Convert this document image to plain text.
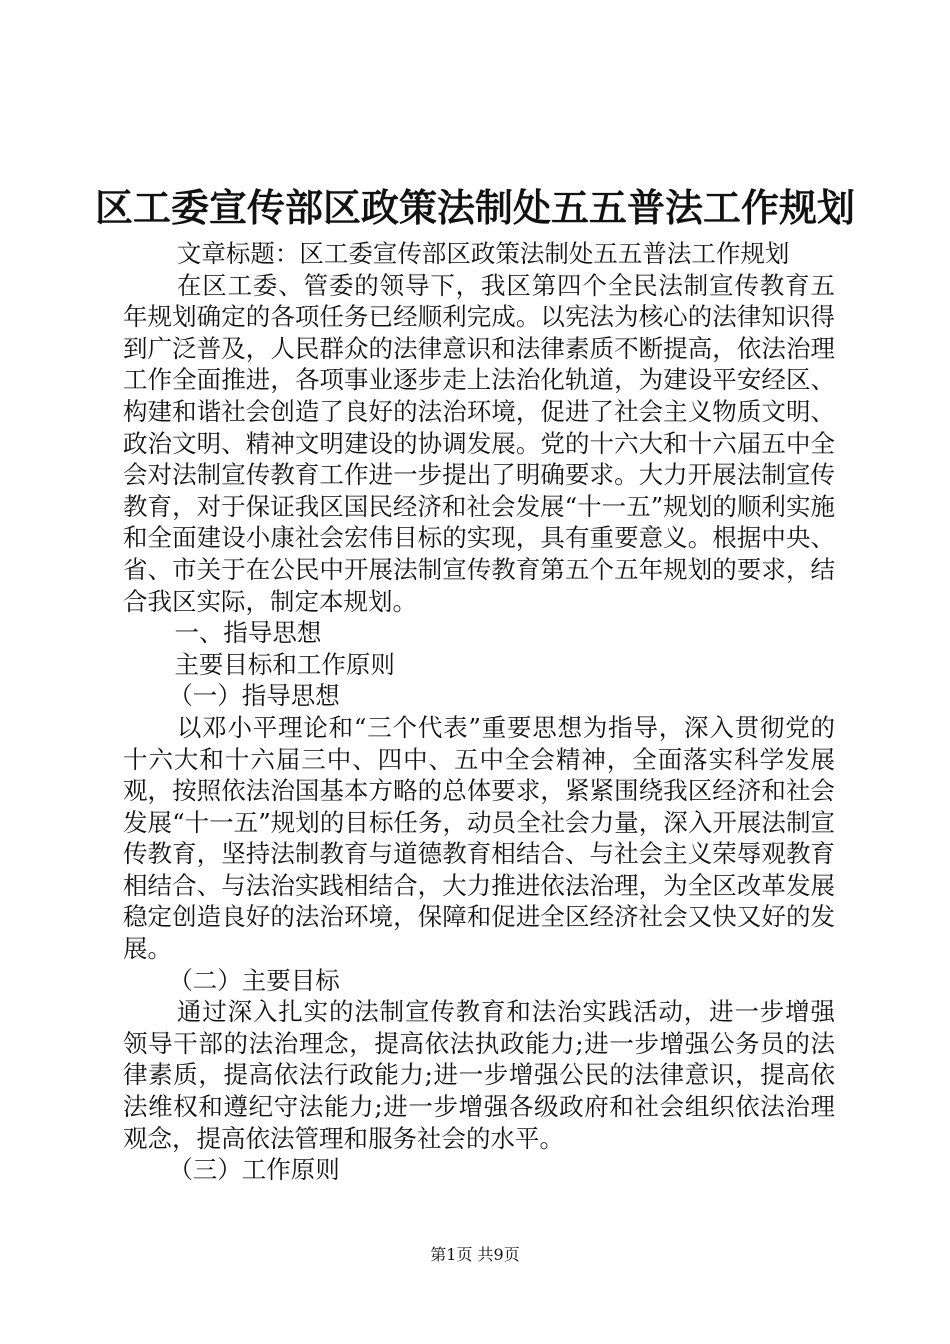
区工委宣传部区政策法制处五五普法工作规划

文章标题：区工委宣传部区政策法制处五五普法工作规划

在区工委、管委的领导下，我区第四个全民法制宣传教育五年规划确定的各项任务已经顺利完成。以宪法为核心的法律知识得到广泛普及，人民群众的法律意识和法律素质不断提高，依法治理工作全面推进，各项事业逐步走上法治化轨道，为建设平安经区、构建和谐社会创造了良好的法治环境，促进了社会主义物质文明、政治文明、精神文明建设的协调发展。党的十六大和十六届五中全会对法制宣传教育工作进一步提出了明确要求。大力开展法制宣传教育，对于保证我区国民经济和社会发展“十一五”规划的顺利实施和全面建设小康社会宏伟目标的实现，具有重要意义。根据中央、省、市关于在公民中开展法制宣传教育第五个五年规划的要求，结合我区实际，制定本规划。

一、指导思想

主要目标和工作原则

（一）指导思想

以邓小平理论和“三个代表”重要思想为指导，深入贯彻党的十六大和十六届三中、四中、五中全会精神，全面落实科学发展观，按照依法治国基本方略的总体要求，紧紧围绕我区经济和社会发展“十一五”规划的目标任务，动员全社会力量，深入开展法制宣传教育，坚持法制教育与道德教育相结合、与社会主义荣辱观教育相结合、与法治实践相结合，大力推进依法治理，为全区改革发展稳定创造良好的法治环境，保障和促进全区经济社会又快又好的发展。

（二）主要目标

通过深入扎实的法制宣传教育和法治实践活动，进一步增强领导干部的法治理念，提高依法执政能力;进一步增强公务员的法律素质，提高依法行政能力;进一步增强公民的法律意识，提高依法维权和遵纪守法能力;进一步增强各级政府和社会组织依法治理观念，提高依法管理和服务社会的水平。

（三）工作原则

第1页 共9页
